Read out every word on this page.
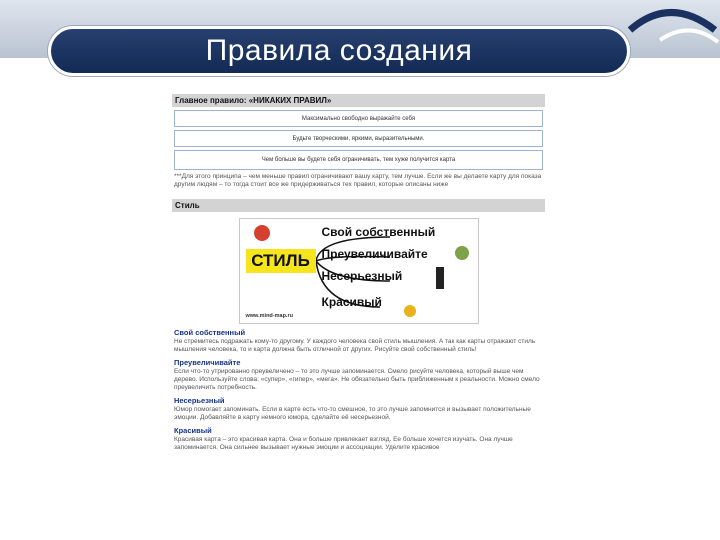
Правила создания
Главное правило: «НИКАКИХ ПРАВИЛ»
Максимально свободно выражайте себя
Будьте творческими, яркими, выразительными.
Чем больше вы будете себя ограничивать, тем хуже получится карта
***Для этого принципа – чем меньше правил ограничивают вашу карту, тем лучше. Если же вы делаете карту для показа другим людям – то тогда стоит все же придерживаться тех правил, которые описаны ниже
Стиль
СТИЛЬ
Свой собственный
Преувеличивайте
Несерьезный
Красивый
www.mind-map.ru
Свой собственный
Не стремитесь подражать кому-то другому. У каждого человека свой стиль мышления. А так как карты отражают стиль мышления человека, то и карта должна быть отличной от других. Рисуйте свой собственный стиль!
Преувеличивайте
Если что-то утрированно преувеличено – то это лучше запоминается. Смело рисуйте человека, который выше чем дерево. Используйте слова: «супер», «гипер», «мега». Не обязательно быть приближенным к реальности. Можно смело преувеличить потребность.
Несерьезный
Юмор помогает запоминать. Если в карте есть что-то смешное, то это лучше запомнится и вызывает положительные эмоции. Добавляйте в карту немного юмора, сделайте её несерьезной.
Красивый
Красивая карта – это красивая карта. Она и больше привлекает взгляд. Ее больше хочется изучать. Она лучше запоминается. Она сильнее вызывает нужные эмоции и ассоциации. Уделите красивое
